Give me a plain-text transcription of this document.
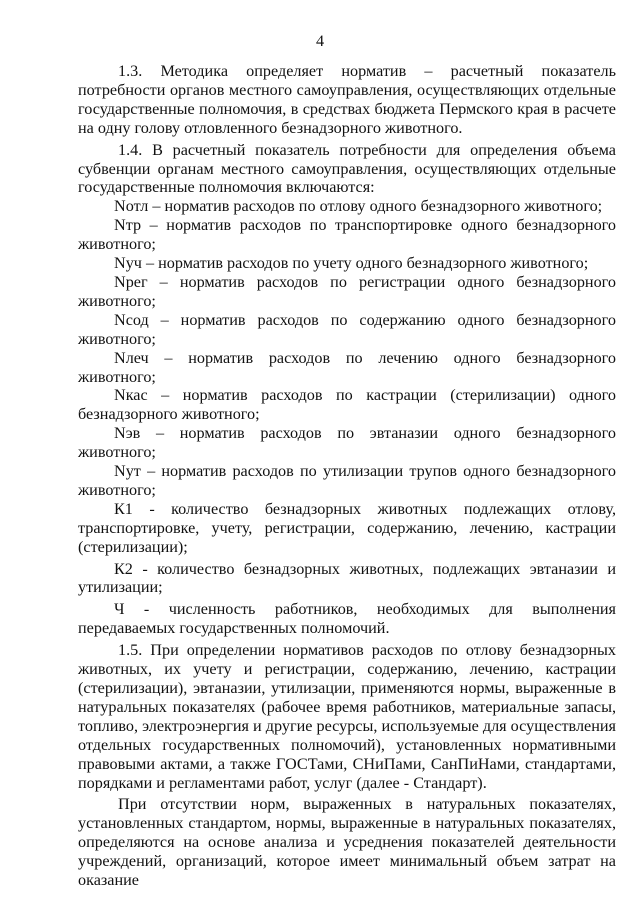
4

1.3. Методика определяет норматив – расчетный показатель потребности органов местного самоуправления, осуществляющих отдельные государственные полномочия, в средствах бюджета Пермского края в расчете на одну голову отловленного безнадзорного животного.

1.4. В расчетный показатель потребности для определения объема субвенции органам местного самоуправления, осуществляющих отдельные государственные полномочия включаются:

Nотл – норматив расходов по отлову одного безнадзорного животного;

Nтр – норматив расходов по транспортировке одного безнадзорного животного;

Nуч – норматив расходов по учету одного безнадзорного животного;

Nрег – норматив расходов по регистрации одного безнадзорного животного;

Nсод – норматив расходов по содержанию одного безнадзорного животного;

Nлеч – норматив расходов по лечению одного безнадзорного животного;

Nкас – норматив расходов по кастрации (стерилизации) одного безнадзорного животного;

Nэв – норматив расходов по эвтаназии одного безнадзорного животного;

Nут – норматив расходов по утилизации трупов одного безнадзорного животного;

К1 - количество безнадзорных животных подлежащих отлову, транспортировке, учету, регистрации, содержанию, лечению, кастрации (стерилизации);

К2 - количество безнадзорных животных, подлежащих эвтаназии и утилизации;

Ч - численность работников, необходимых для выполнения передаваемых государственных полномочий.

1.5. При определении нормативов расходов по отлову безнадзорных животных, их учету и регистрации, содержанию, лечению, кастрации (стерилизации), эвтаназии, утилизации, применяются нормы, выраженные в натуральных показателях (рабочее время работников, материальные запасы, топливо, электроэнергия и другие ресурсы, используемые для осуществления отдельных государственных полномочий), установленных нормативными правовыми актами, а также ГОСТами, СНиПами, СанПиНами, стандартами, порядками и регламентами работ, услуг (далее - Стандарт).

При отсутствии норм, выраженных в натуральных показателях, установленных стандартом, нормы, выраженные в натуральных показателях, определяются на основе анализа и усреднения показателей деятельности учреждений, организаций, которое имеет минимальный объем затрат на оказание
